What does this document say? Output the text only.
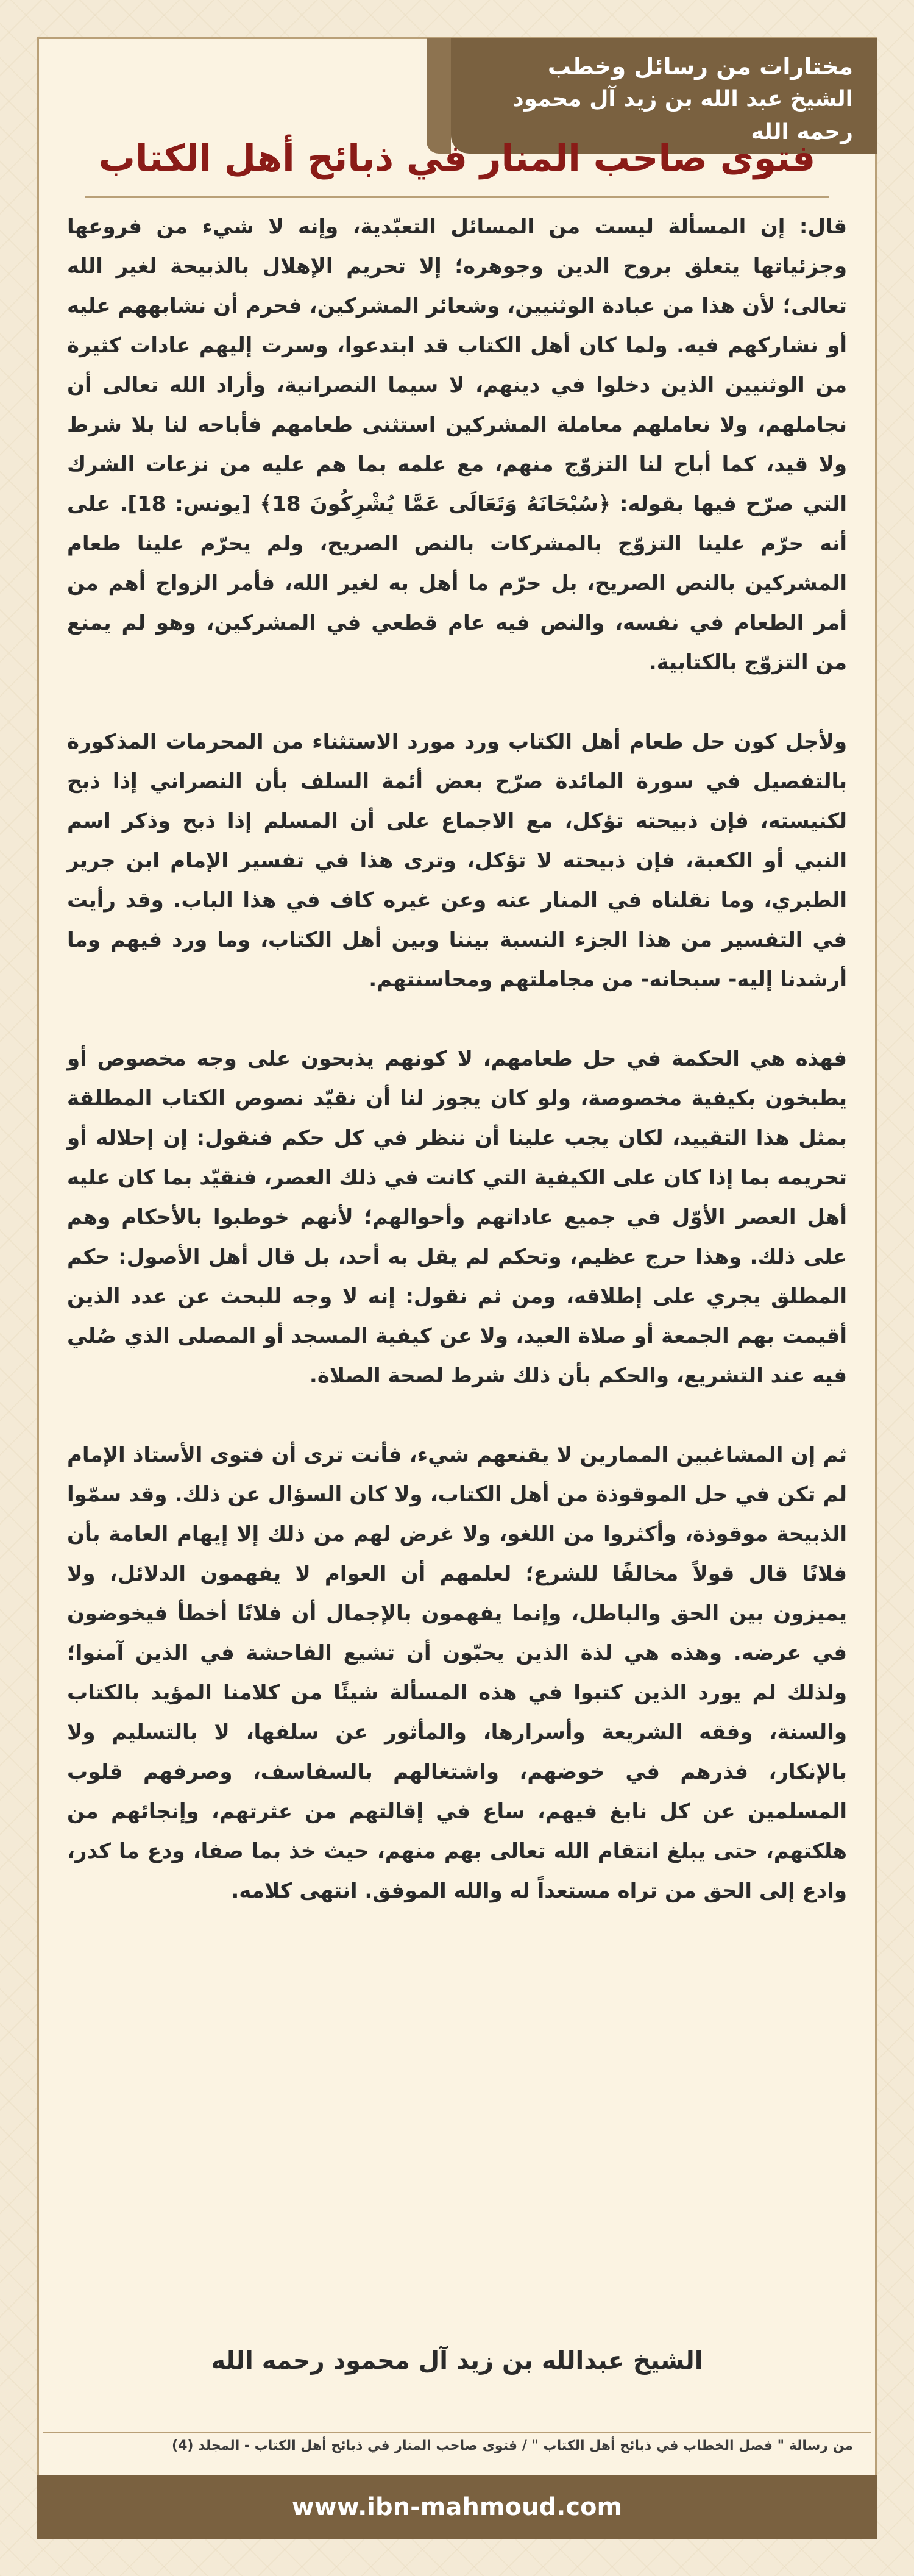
مختارات من رسائل وخطب
الشيخ عبد الله بن زيد آل محمود رحمه الله
فتوى صاحب المنار في ذبائح أهل الكتاب

قال: إن المسألة ليست من المسائل التعبّدية، وإنه لا شيء من فروعها وجزئياتها يتعلق بروح الدين وجوهره؛ إلا تحريم الإهلال بالذبيحة لغير الله تعالى؛ لأن هذا من عبادة الوثنيين، وشعائر المشركين، فحرم أن نشابههم عليه أو نشاركهم فيه. ولما كان أهل الكتاب قد ابتدعوا، وسرت إليهم عادات كثيرة من الوثنيين الذين دخلوا في دينهم، لا سيما النصرانية، وأراد الله تعالى أن نجاملهم، ولا نعاملهم معاملة المشركين استثنى طعامهم فأباحه لنا بلا شرط ولا قيد، كما أباح لنا التزوّج منهم، مع علمه بما هم عليه من نزعات الشرك التي صرّح فيها بقوله: ﴿سُبْحَانَهُ وَتَعَالَى عَمَّا يُشْرِكُونَ 18﴾ [يونس: 18]. على أنه حرّم علينا التزوّج بالمشركات بالنص الصريح، ولم يحرّم علينا طعام المشركين بالنص الصريح، بل حرّم ما أهل به لغير الله، فأمر الزواج أهم من أمر الطعام في نفسه، والنص فيه عام قطعي في المشركين، وهو لم يمنع من التزوّج بالكتابية.

ولأجل كون حل طعام أهل الكتاب ورد مورد الاستثناء من المحرمات المذكورة بالتفصيل في سورة المائدة صرّح بعض أئمة السلف بأن النصراني إذا ذبح لكنيسته، فإن ذبيحته تؤكل، مع الاجماع على أن المسلم إذا ذبح وذكر اسم النبي أو الكعبة، فإن ذبيحته لا تؤكل، وترى هذا في تفسير الإمام ابن جرير الطبري، وما نقلناه في المنار عنه وعن غيره كاف في هذا الباب. وقد رأيت في التفسير من هذا الجزء النسبة بيننا وبين أهل الكتاب، وما ورد فيهم وما أرشدنا إليه- سبحانه- من مجاملتهم ومحاسنتهم.

فهذه هي الحكمة في حل طعامهم، لا كونهم يذبحون على وجه مخصوص أو يطبخون بكيفية مخصوصة، ولو كان يجوز لنا أن نقيّد نصوص الكتاب المطلقة بمثل هذا التقييد، لكان يجب علينا أن ننظر في كل حكم فنقول: إن إحلاله أو تحريمه بما إذا كان على الكيفية التي كانت في ذلك العصر، فنقيّد بما كان عليه أهل العصر الأوّل في جميع عاداتهم وأحوالهم؛ لأنهم خوطبوا بالأحكام وهم على ذلك. وهذا حرج عظيم، وتحكم لم يقل به أحد، بل قال أهل الأصول: حكم المطلق يجري على إطلاقه، ومن ثم نقول: إنه لا وجه للبحث عن عدد الذين أقيمت بهم الجمعة أو صلاة العيد، ولا عن كيفية المسجد أو المصلى الذي صُلي فيه عند التشريع، والحكم بأن ذلك شرط لصحة الصلاة.

ثم إن المشاغبين الممارين لا يقنعهم شيء، فأنت ترى أن فتوى الأستاذ الإمام لم تكن في حل الموقوذة من أهل الكتاب، ولا كان السؤال عن ذلك. وقد سمّوا الذبيحة موقوذة، وأكثروا من اللغو، ولا غرض لهم من ذلك إلا إيهام العامة بأن فلانًا قال قولاً مخالفًا للشرع؛ لعلمهم أن العوام لا يفهمون الدلائل، ولا يميزون بين الحق والباطل، وإنما يفهمون بالإجمال أن فلانًا أخطأ فيخوضون في عرضه. وهذه هي لذة الذين يحبّون أن تشيع الفاحشة في الذين آمنوا؛ ولذلك لم يورد الذين كتبوا في هذه المسألة شيئًا من كلامنا المؤيد بالكتاب والسنة، وفقه الشريعة وأسرارها، والمأثور عن سلفها، لا بالتسليم ولا بالإنكار، فذرهم في خوضهم، واشتغالهم بالسفاسف، وصرفهم قلوب المسلمين عن كل نابغ فيهم، ساع في إقالتهم من عثرتهم، وإنجائهم من هلكتهم، حتى يبلغ انتقام الله تعالى بهم منهم، حيث خذ بما صفا، ودع ما كدر، وادع إلى الحق من تراه مستعداً له والله الموفق. انتهى كلامه.

الشيخ عبدالله بن زيد آل محمود رحمه الله
من رسالة " فصل الخطاب في ذبائح أهل الكتاب " / فتوى صاحب المنار في ذبائح أهل الكتاب - المجلد (4)
www.ibn-mahmoud.com
